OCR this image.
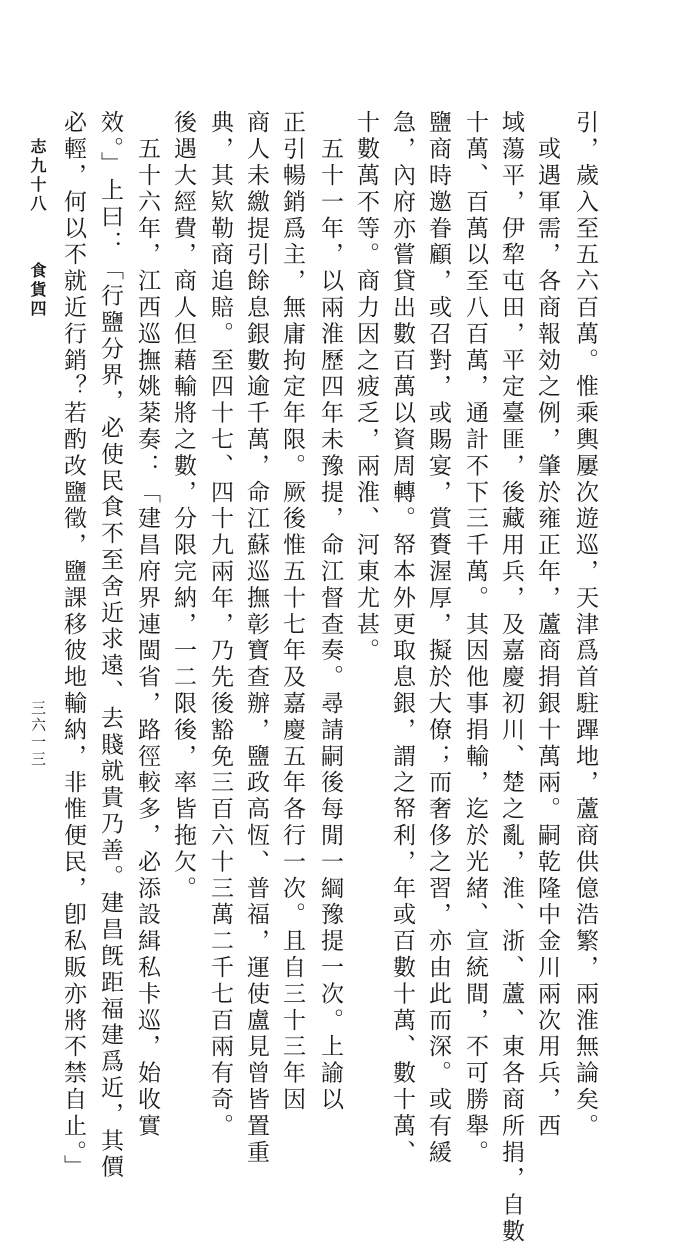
志九十八
食貨四	引，歲入至五六百萬。惟乘輿屢次遊巡，天津爲首駐蹕地，蘆商供億浩繁，兩淮無論矣。
　或遇軍需，各商報効之例，肇於雍正年，蘆商捐銀十萬兩。嗣乾隆中金川兩次用兵，西
域蕩平，伊犂屯田，平定臺匪，後藏用兵，及嘉慶初川、楚之亂，淮、浙、蘆、東各商所捐，自數
十萬、百萬以至八百萬，通計不下三千萬。其因他事捐輸，迄於光緒、宣統間，不可勝舉。
鹽商時邀眷顧，或召對，或賜宴，賞賚渥厚，擬於大僚；而奢侈之習，亦由此而深。或有緩
急，內府亦嘗貸出數百萬以資周轉。帑本外更取息銀，謂之帑利，年或百數十萬、數十萬、
十數萬不等。商力因之疲乏，兩淮、河東尤甚。
　五十一年，以兩淮歷四年未豫提，命江督查奏。尋請嗣後每閒一綱豫提一次。上諭以
正引暢銷爲主，無庸拘定年限。厥後惟五十七年及嘉慶五年各行一次。且自三十三年因
商人未繳提引餘息銀數逾千萬，命江蘇巡撫彰寶查辦，鹽政高恆、普福，運使盧見曾皆置重
典，其欵勒商追賠。至四十七、四十九兩年，乃先後豁免三百六十三萬二千七百兩有奇。
後遇大經費，商人但藉輸將之數，分限完納，一二限後，率皆拖欠。
　五十六年，江西巡撫姚棻奏：「建昌府界連閩省，路徑較多，必添設緝私卡巡，始收實
效。」上曰：「行鹽分界，必使民食不至舍近求遠、去賤就貴乃善。建昌旣距福建爲近，其價
必輕，何以不就近行銷？若酌改鹽徵，鹽課移彼地輸納，非惟便民，卽私販亦將不禁自止。」
三六一三
